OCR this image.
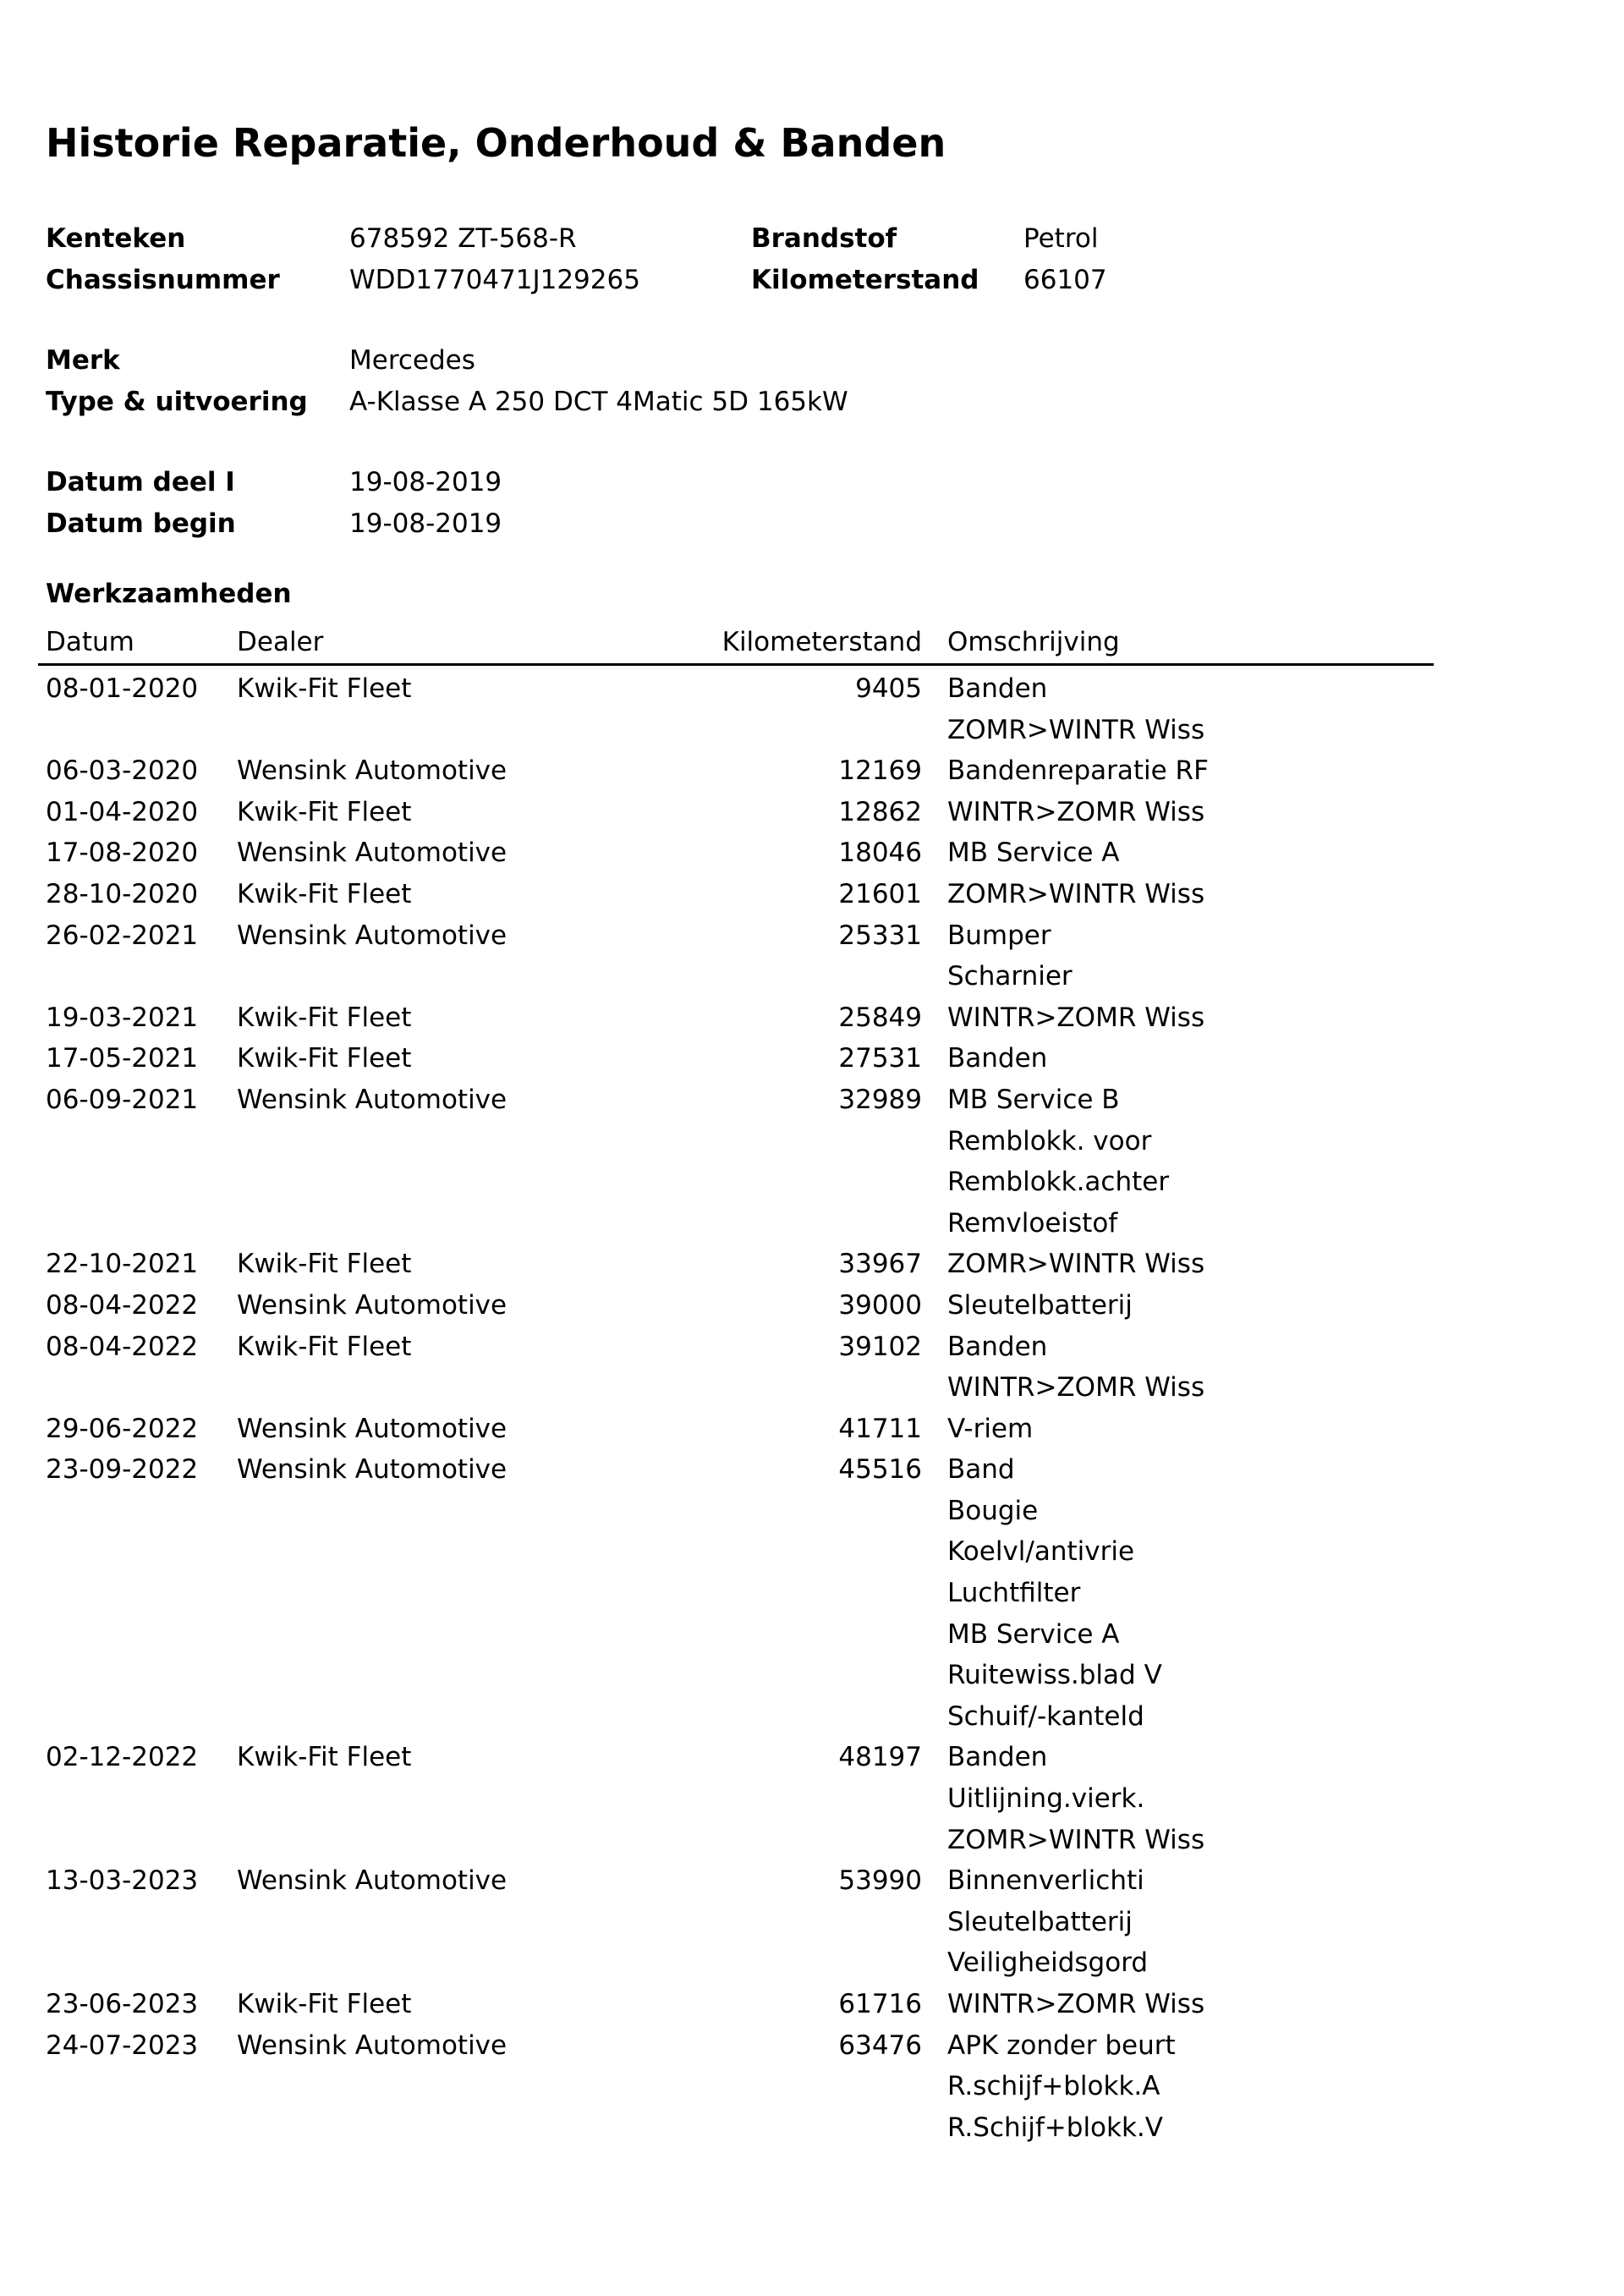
Historie Reparatie, Onderhoud & Banden
Kenteken	678592 ZT-568-R	Brandstof	Petrol
Chassisnummer	WDD1770471J129265	Kilometerstand 66107
Merk	Mercedes
Type & uitvoering A-Klasse A 250 DCT 4Matic 5D 165kW
Datum deel I	19-08-2019
Datum begin	19-08-2019
Werkzaamheden
Datum	Dealer	Kilometerstand Omschrijving
08-01-2020 Kwik-Fit Fleet	9405 Banden
ZOMR>WINTR Wiss
06-03-2020 Wensink Automotive	12169 Bandenreparatie RF
01-04-2020 Kwik-Fit Fleet	12862 WINTR>ZOMR Wiss
17-08-2020 Wensink Automotive	18046 MB Service A
28-10-2020 Kwik-Fit Fleet	21601 ZOMR>WINTR Wiss
26-02-2021 Wensink Automotive	25331 Bumper
Scharnier
19-03-2021 Kwik-Fit Fleet	25849 WINTR>ZOMR Wiss
17-05-2021 Kwik-Fit Fleet	27531 Banden
06-09-2021 Wensink Automotive	32989 MB Service B
Remblokk. voor
Remblokk.achter
Remvloeistof
22-10-2021 Kwik-Fit Fleet	33967 ZOMR>WINTR Wiss
08-04-2022 Wensink Automotive	39000 Sleutelbatterij
08-04-2022 Kwik-Fit Fleet	39102 Banden
WINTR>ZOMR Wiss
29-06-2022 Wensink Automotive	41711 V-riem
23-09-2022 Wensink Automotive	45516 Band
Bougie
Koelvl/antivrie
Luchtfilter
MB Service A
Ruitewiss.blad V
Schuif/-kanteld
02-12-2022 Kwik-Fit Fleet	48197 Banden
Uitlijning.vierk.
ZOMR>WINTR Wiss
13-03-2023 Wensink Automotive	53990 Binnenverlichti
Sleutelbatterij
Veiligheidsgord
23-06-2023 Kwik-Fit Fleet	61716 WINTR>ZOMR Wiss
24-07-2023 Wensink Automotive	63476 APK zonder beurt
R.schijf+blokk.A
R.Schijf+blokk.V
